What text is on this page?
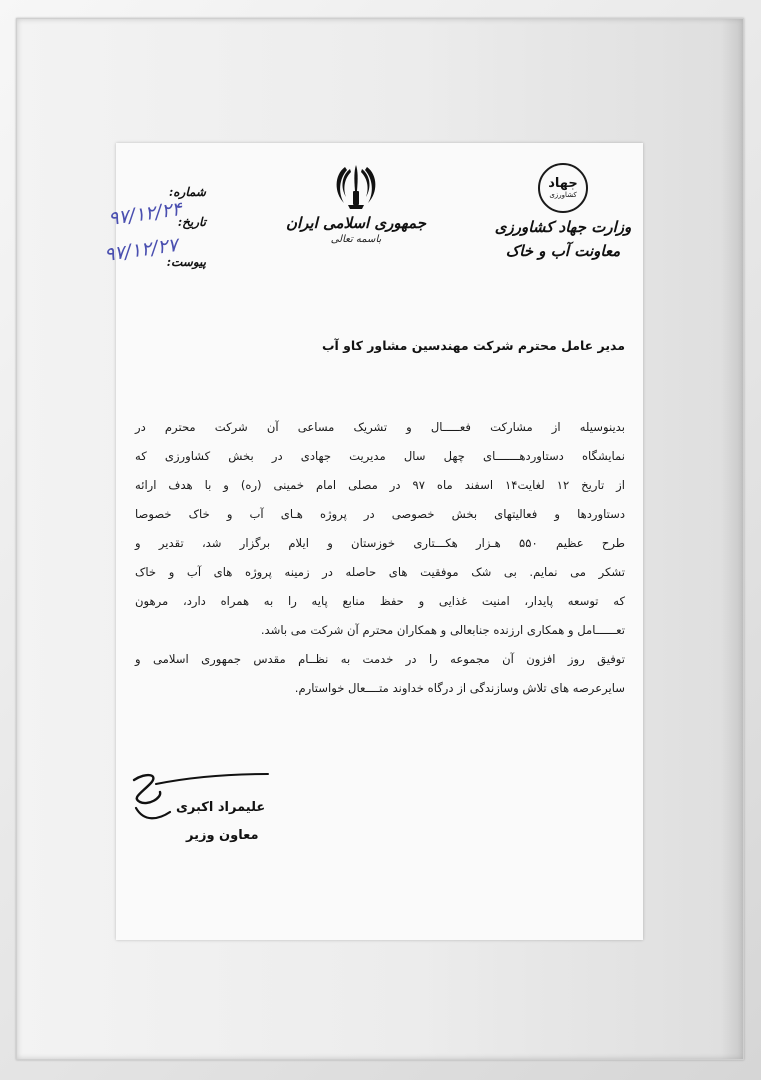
جهاد
کشاورزی
وزارت جهاد کشاورزی
معاونت آب و خاک
جمهوری اسلامی ایران
باسمه تعالی
شماره:
تاریخ:
پیوست:
۹۷/۱۲/۲۴
۹۷/۱۲/۲۷
مدیر عامل محترم شرکت مهندسین مشاور کاو آب
بدینوسیله از مشارکت فعـــــال و تشریک مساعی آن شرکت محترم در
نمایشگاه دستاوردهـــــــای چهل سال مدیریت جهادی در بخش کشاورزی که
از تاریخ ۱۲ لغایت۱۴ اسفند ماه ۹۷ در مصلی امام خمینی (ره) و با هدف ارائه
دستاوردها و فعالیتهای بخش خصوصی در پروژه هـای آب و خاک خصوصا
طرح عظیم ۵۵۰ هـزار هکـــتاری خوزستان و ایلام برگزار شد، تقدیر و
تشکر می نمایم. بی شک موفقیت های حاصله در زمینه پروژه های آب و خاک
که توسعه پایدار، امنیت غذایی و حفظ منابع پایه را به همراه دارد، مرهون
تعــــــامل و همکاری ارزنده جنابعالی و همکاران محترم آن شرکت می باشد.
توفیق روز افزون آن مجموعه را در خدمت به نظــام مقدس جمهوری اسلامی و
سایرعرصه های تلاش وسازندگی از درگاه خداوند متــــعال خواستارم.
علیمراد اکبری
معاون وزیر
